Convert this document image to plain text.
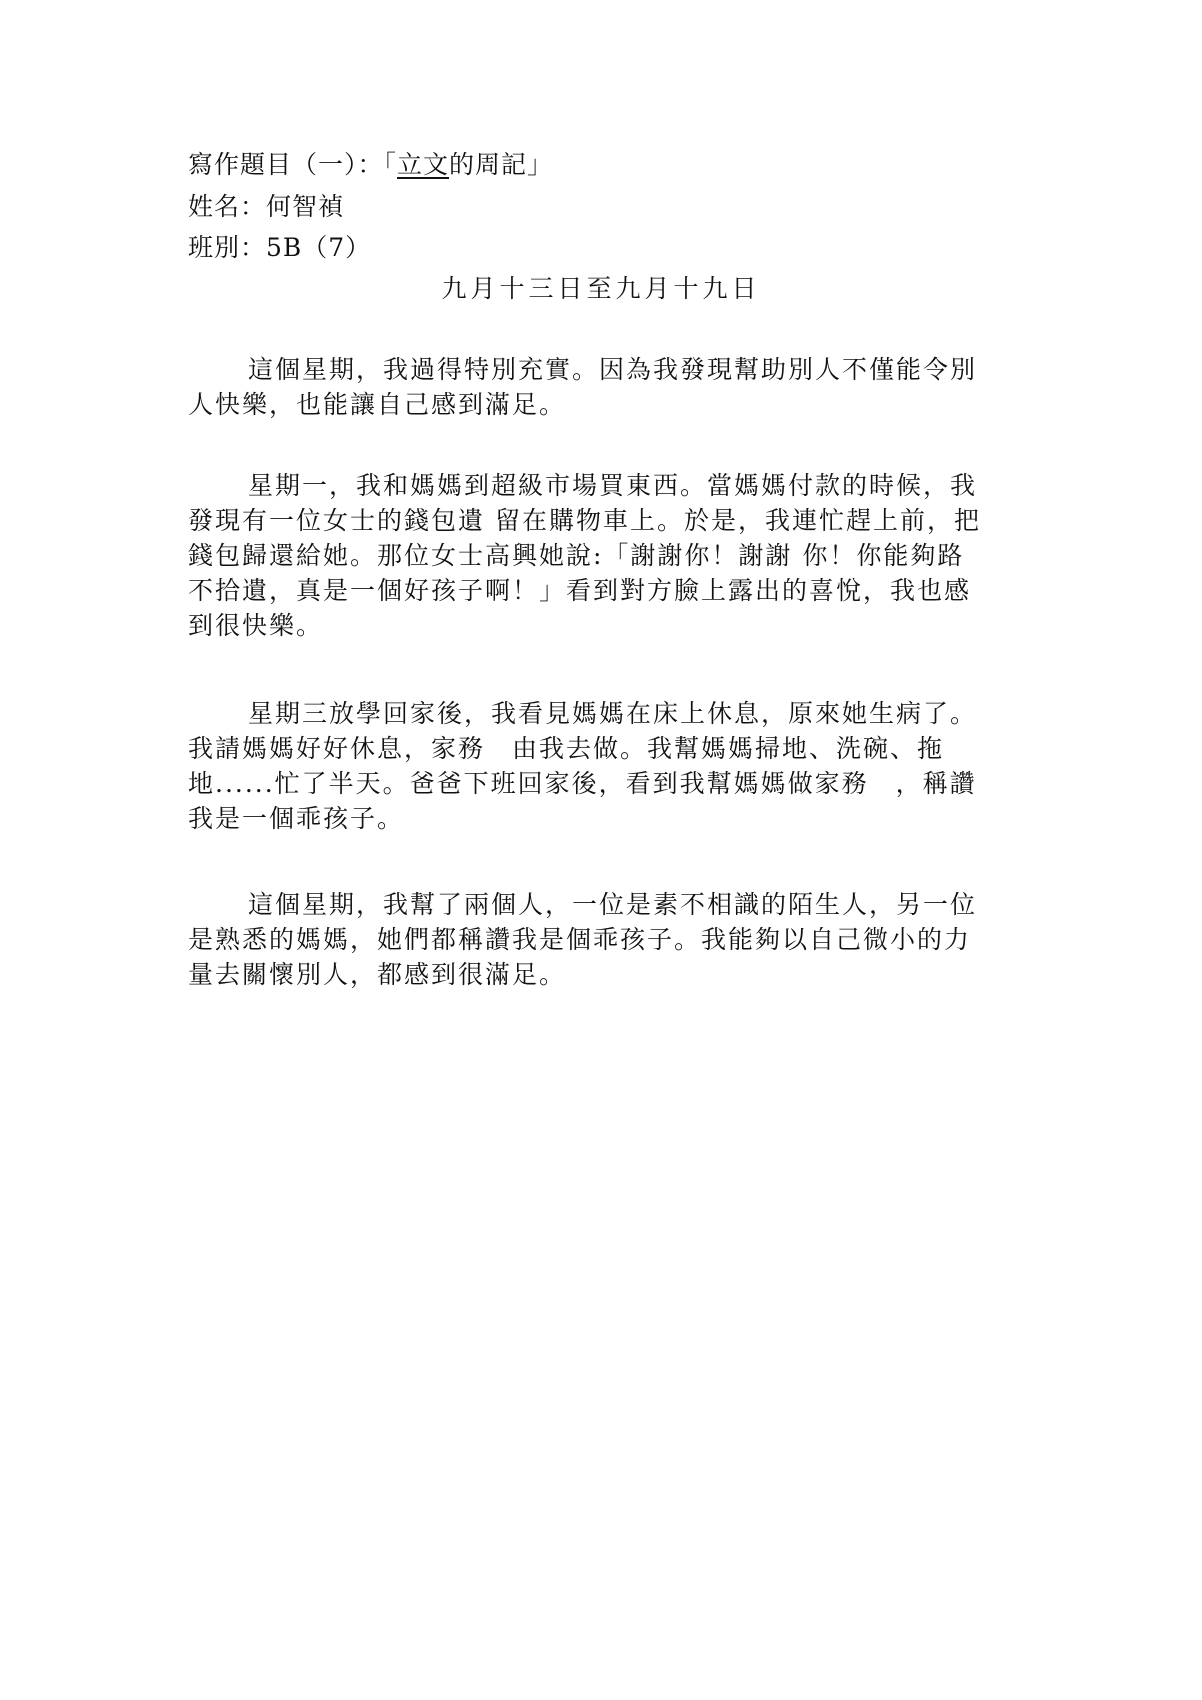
寫作題目（一）：「立文的周記」
姓名：何智禎
班別：5B（7）
九月十三日至九月十九日

這個星期，我過得特別充實。因為我發現幫助別人不僅能令別
人快樂，也能讓自己感到滿足。

星期一，我和媽媽到超級市場買東西。當媽媽付款的時候，我
發現有一位女士的錢包遺 留在購物車上。於是，我連忙趕上前，把
錢包歸還給她。那位女士高興她說:「謝謝你！謝謝 你！你能夠路
不拾遺，真是一個好孩子啊！」看到對方臉上露出的喜悅，我也感
到很快樂。

星期三放學回家後，我看見媽媽在床上休息，原來她生病了。
我請媽媽好好休息，家務　由我去做。我幫媽媽掃地、洗碗、拖
地......忙了半天。爸爸下班回家後，看到我幫媽媽做家務　，稱讚
我是一個乖孩子。

這個星期，我幫了兩個人，一位是素不相識的陌生人，另一位
是熟悉的媽媽，她們都稱讚我是個乖孩子。我能夠以自己微小的力
量去關懷別人，都感到很滿足。
